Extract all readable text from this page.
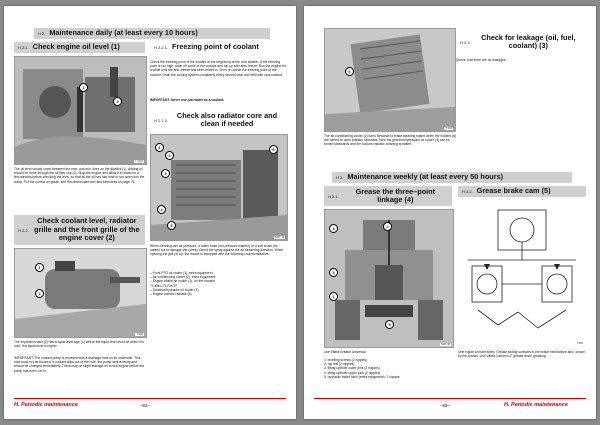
H 2. Maintenance daily (at least every 10 hours)
H 2.1. Check engine oil level (1)
1
2
T 1003
The oil level should come between the max. and min. lines on the dipstick (1). Adding oil should be done through the oil filler cap (2). Stop the engine and allow it to stand for a few minutes before checking the level, so that all the oil has had time to run down into the sump. For the correct oil grade, see Recommended fuel and lubricants on page 76.
H 2.2.
Check coolant level, radiator grille and the front grille of the engine cover (2)
1
2
T 565
The expansion tank (2) has a liquid level sign (1) where the liquid level must be when it is cold. Hot liquid level is higher.
IMPORTANT: The coolant pump is provided with a drainage hole on its underside. This hole must not be blocked. If coolant drips out of the hole, the pump seal is faulty and should be changed immediately. There may be slight leakage on a new engine before the pump has been run in.
H 2.2.1. Freezing point of coolant
Check the freezing point of the coolant at the beginning of the cold season. If the freezing point is too high, drain off some of the coolant and top up with anti–freeze. Run the engine for a while until the anti–freeze has been mixed in. Then re–check the freezing point of the coolant. Drain the cooling system completely every second year and refill with new coolant.
IMPORTANT: Never use just water as a coolant.
H 2.2.2.
Check also radiator core and clean if needed
1
2
3
4
5
6
SRK 44
When cleaning use air pressure, a water hose (not pressure washer) or a soft brush (be careful not to damage the cores). Direct the spray against the air streaming direction. When opening the grill (4) up, the tractor is equipped with the following coolers/radiators :
– Front PTO oil cooler (1), extra equipment
– Air conditioning cooler (2), extra equipment
– Engine intake air cooler (3), on the models
T140ec–T170eC/F
– Gearbox/hydraulic oil cooler (4)
– Engine coolant radiator (5)
H. Periodic maintenance	–82–
6
T 663
The air conditioning cooler (2) turns forwards to make cleaning easier when the holders (6) are turned to open position sideward. Now the gearbox/hydraulics oil cooler (4) can be turned sidewards and the coolant radiator cleaning is easier.
H 2.3.
Check for leakage (oil, fuel, coolant) (3)
Check, that there are no leakages.
H 3. Maintenance weekly (at least every 50 hours)
H 3.1.
Grease the three–point linkage (4)
4	2
3
1
5
SRK 48
Use Valtra Grease Universal.
1. levelling screws (2 nipples)
2. top link (2 nipples)
3. lifting cylinder lower pins (2 nipples)
4. lifting cylinder upper pins (2 nipples)
5. hydraulic trailer hitch (extra equipment), 2 nipples
H 3.2. Grease brake cam (5)
T 580
One nipple on both sides. Grease sliding surfaces in the brake mechanism also, shown by the arrows. Use Valtra Calcium LF grease when greasing.
–83–	H. Periodic maintenance
